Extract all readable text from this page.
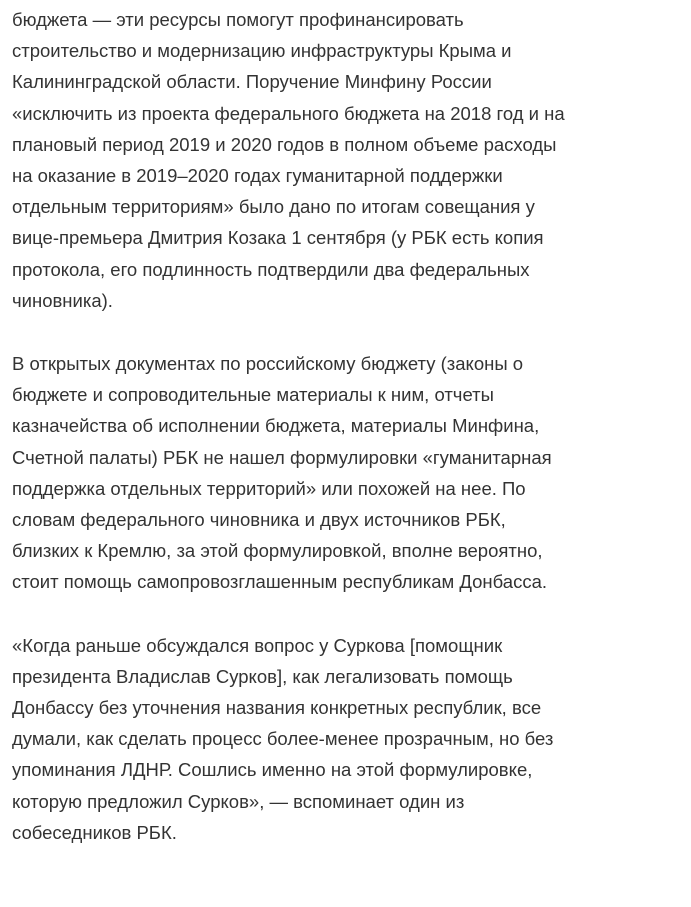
бюджета — эти ресурсы помогут профинансировать
строительство и модернизацию инфраструктуры Крыма и
Калининградской области. Поручение Минфину России
«исключить из проекта федерального бюджета на 2018 год и на
плановый период 2019 и 2020 годов в полном объеме расходы
на оказание в 2019–2020 годах гуманитарной поддержки
отдельным территориям» было дано по итогам совещания у
вице-премьера Дмитрия Козака 1 сентября (у РБК есть копия
протокола, его подлинность подтвердили два федеральных
чиновника).

В открытых документах по российскому бюджету (законы о
бюджете и сопроводительные материалы к ним, отчеты
казначейства об исполнении бюджета, материалы Минфина,
Счетной палаты) РБК не нашел формулировки «гуманитарная
поддержка отдельных территорий» или похожей на нее. По
словам федерального чиновника и двух источников РБК,
близких к Кремлю, за этой формулировкой, вполне вероятно,
стоит помощь самопровозглашенным республикам Донбасса.

«Когда раньше обсуждался вопрос у Суркова [помощник
президента Владислав Сурков], как легализовать помощь
Донбассу без уточнения названия конкретных республик, все
думали, как сделать процесс более-менее прозрачным, но без
упоминания ЛДНР. Сошлись именно на этой формулировке,
которую предложил Сурков», — вспоминает один из
собеседников РБК.
